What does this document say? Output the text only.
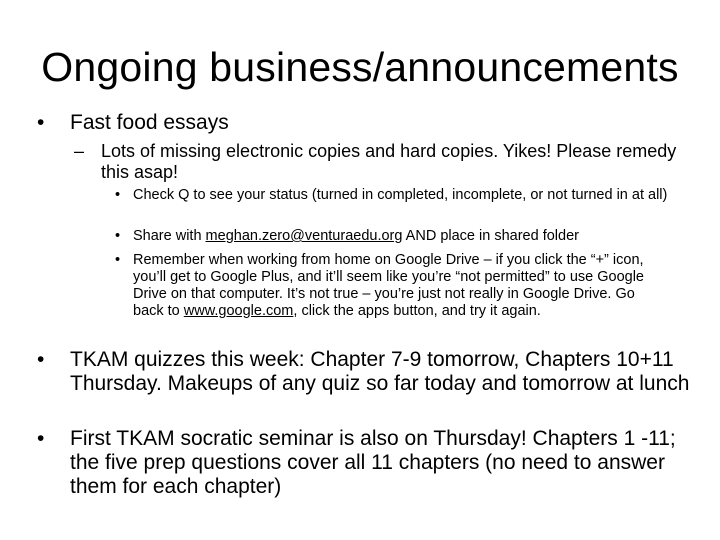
Ongoing business/announcements
• Fast food essays
– Lots of missing electronic copies and hard copies. Yikes! Please remedy this asap!
• Check Q to see your status (turned in completed, incomplete, or not turned in at all)
• Share with meghan.zero@venturaedu.org AND place in shared folder
• Remember when working from home on Google Drive – if you click the “+” icon, you’ll get to Google Plus, and it’ll seem like you’re “not permitted” to use Google Drive on that computer. It’s not true – you’re just not really in Google Drive. Go back to www.google.com, click the apps button, and try it again.
• TKAM quizzes this week: Chapter 7-9 tomorrow, Chapters 10+11 Thursday. Makeups of any quiz so far today and tomorrow at lunch
• First TKAM socratic seminar is also on Thursday! Chapters 1 -11; the five prep questions cover all 11 chapters (no need to answer them for each chapter)
